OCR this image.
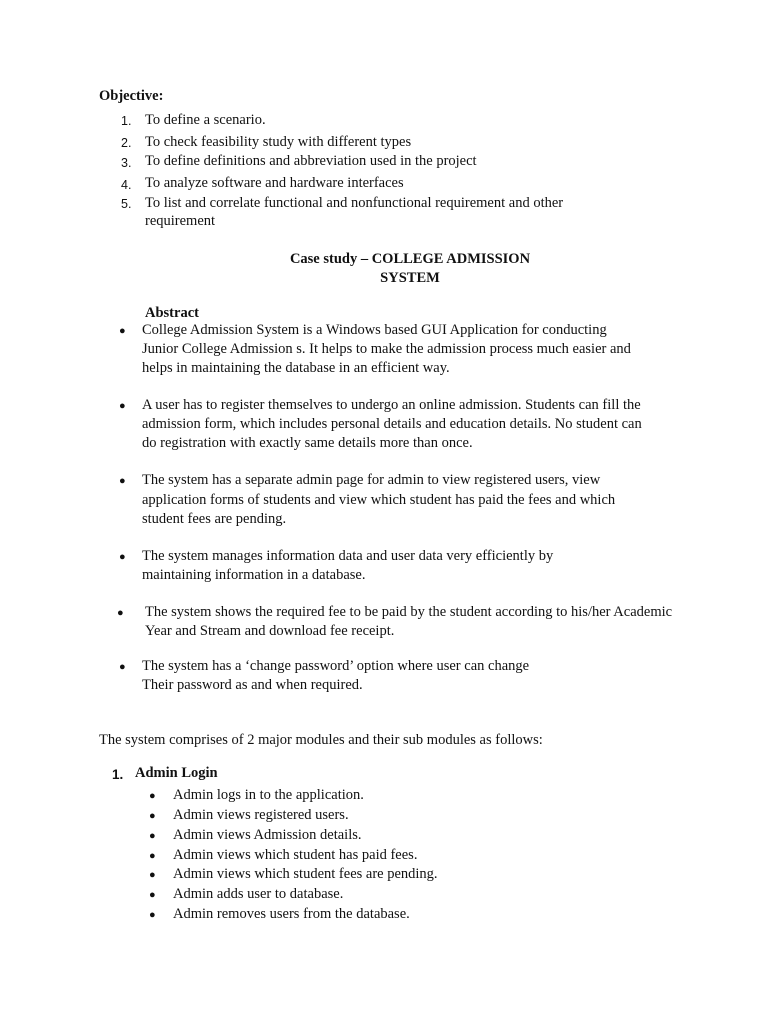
Objective:

1. To define a scenario.
2. To check feasibility study with different types
3. To define definitions and abbreviation used in the project
4. To analyze software and hardware interfaces
5. To list and correlate functional and nonfunctional requirement and other
requirement
Case study – COLLEGE ADMISSION
SYSTEM

Abstract

● College Admission System is a Windows based GUI Application for conducting
Junior College Admission s. It helps to make the admission process much easier and
helps in maintaining the database in an efficient way.
● A user has to register themselves to undergo an online admission. Students can fill the
admission form, which includes personal details and education details. No student can
do registration with exactly same details more than once.
● The system has a separate admin page for admin to view registered users, view
application forms of students and view which student has paid the fees and which
student fees are pending.
● The system manages information data and user data very efficiently by
maintaining information in a database.
● The system shows the required fee to be paid by the student according to his/her Academic
Year and Stream and download fee receipt.
● The system has a ‘change password’ option where user can change
Their password as and when required.

The system comprises of 2 major modules and their sub modules as follows:

1. Admin Login

● Admin logs in to the application.
● Admin views registered users.
● Admin views Admission details.
● Admin views which student has paid fees.
● Admin views which student fees are pending.
● Admin adds user to database.
● Admin removes users from the database.
